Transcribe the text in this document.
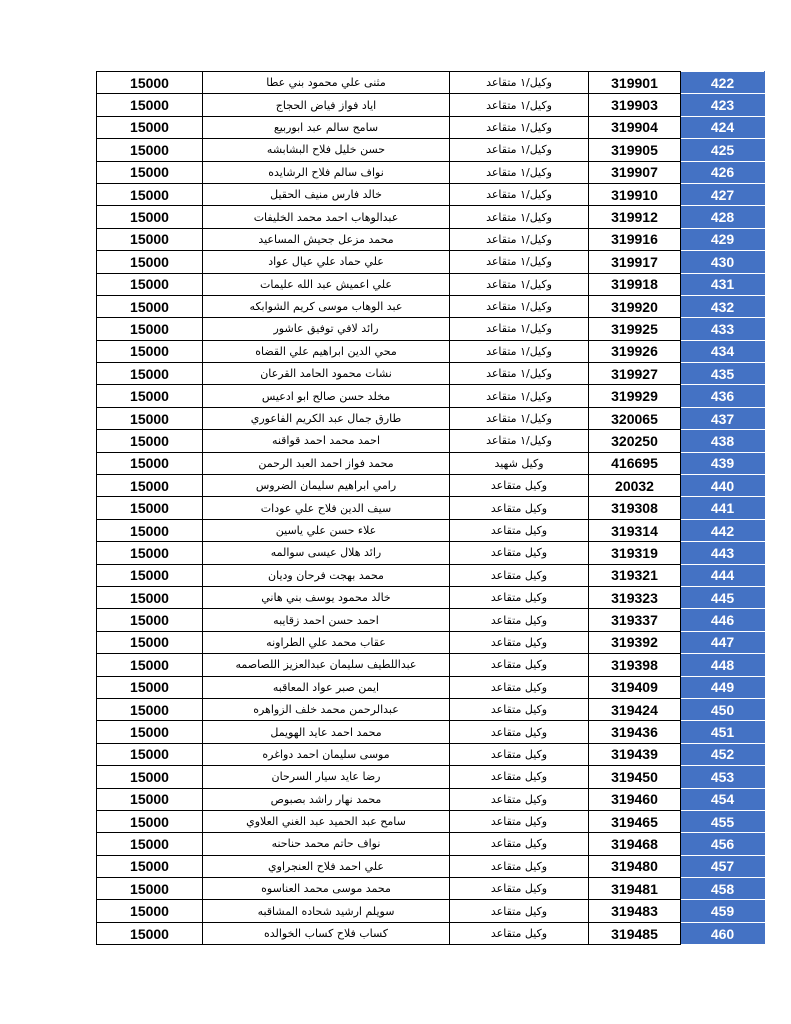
15000	مثنى علي محمود بني عطا	وكيل/١ متقاعد	319901	422
15000	اياد فواز فياض الحجاج	وكيل/١ متقاعد	319903	423
15000	سامح سالم عبد ابوربيع	وكيل/١ متقاعد	319904	424
15000	حسن خليل فلاح البشابشه	وكيل/١ متقاعد	319905	425
15000	نواف سالم فلاح الرشايده	وكيل/١ متقاعد	319907	426
15000	خالد فارس منيف الحقيل	وكيل/١ متقاعد	319910	427
15000	عبدالوهاب احمد محمد الخليفات	وكيل/١ متقاعد	319912	428
15000	محمد مزعل جحيش المساعيد	وكيل/١ متقاعد	319916	429
15000	علي حماد علي عيال عواد	وكيل/١ متقاعد	319917	430
15000	علي اعميش عبد الله عليمات	وكيل/١ متقاعد	319918	431
15000	عبد الوهاب موسى كريم الشوابكه	وكيل/١ متقاعد	319920	432
15000	رائد لافي توفيق عاشور	وكيل/١ متقاعد	319925	433
15000	محي الدين ابراهيم علي القضاه	وكيل/١ متقاعد	319926	434
15000	نشات محمود الحامد القرعان	وكيل/١ متقاعد	319927	435
15000	مخلد حسن صالح ابو ادعيس	وكيل/١ متقاعد	319929	436
15000	طارق جمال عبد الكريم الفاعوري	وكيل/١ متقاعد	320065	437
15000	احمد محمد احمد قواقنه	وكيل/١ متقاعد	320250	438
15000	محمد فواز احمد العبد الرحمن	وكيل شهيد	416695	439
15000	رامي ابراهيم سليمان الضروس	وكيل متقاعد	20032	440
15000	سيف الدين فلاح علي عودات	وكيل متقاعد	319308	441
15000	علاء حسن علي ياسين	وكيل متقاعد	319314	442
15000	رائد هلال عيسى سوالمه	وكيل متقاعد	319319	443
15000	محمد بهجت فرحان وديان	وكيل متقاعد	319321	444
15000	خالد محمود يوسف بني هاني	وكيل متقاعد	319323	445
15000	احمد حسن احمد زقايبه	وكيل متقاعد	319337	446
15000	عقاب محمد علي الطراونه	وكيل متقاعد	319392	447
15000	عبداللطيف سليمان عبدالعزيز اللصاصمه	وكيل متقاعد	319398	448
15000	ايمن صبر عواد المعاقبه	وكيل متقاعد	319409	449
15000	عبدالرحمن محمد خلف الزواهره	وكيل متقاعد	319424	450
15000	محمد احمد عايد الهويمل	وكيل متقاعد	319436	451
15000	موسى سليمان احمد دواغره	وكيل متقاعد	319439	452
15000	رضا عايد سيار السرحان	وكيل متقاعد	319450	453
15000	محمد نهار راشد بصبوص	وكيل متقاعد	319460	454
15000	سامح عبد الحميد عبد الغني العلاوي	وكيل متقاعد	319465	455
15000	نواف حاتم محمد حناحنه	وكيل متقاعد	319468	456
15000	علي احمد فلاح العنجراوي	وكيل متقاعد	319480	457
15000	محمد موسى محمد العناسوه	وكيل متقاعد	319481	458
15000	سويلم ارشيد شحاده المشاقبه	وكيل متقاعد	319483	459
15000	كساب فلاح كساب الخوالده	وكيل متقاعد	319485	460
